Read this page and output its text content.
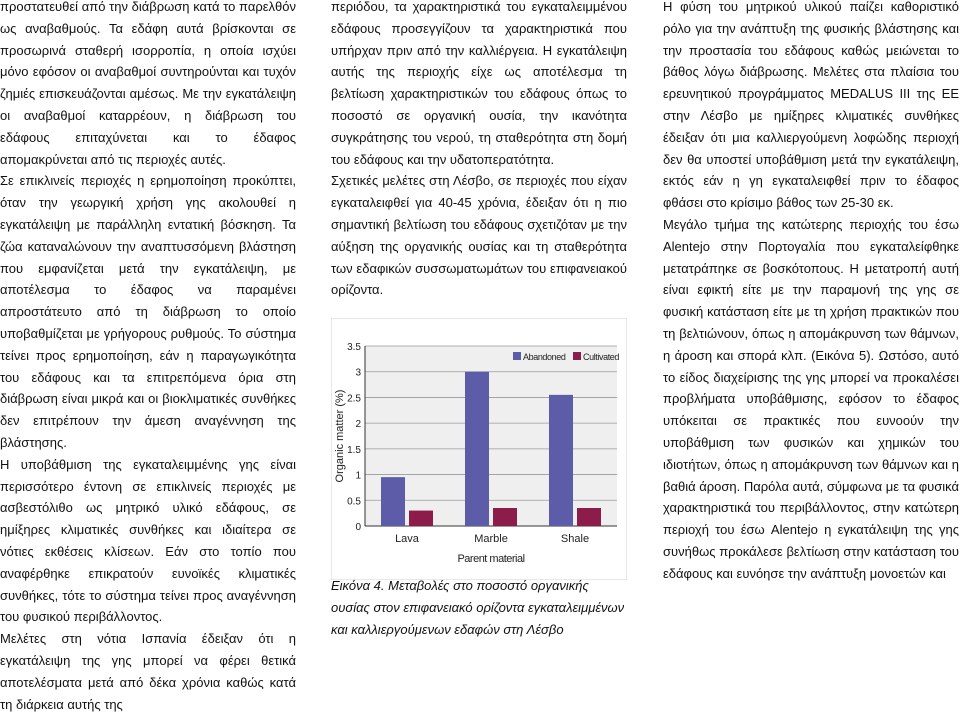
προστατευθεί από την διάβρωση κατά το παρελθόν ως αναβαθμούς. Τα εδάφη αυτά βρίσκονται σε προσωρινά σταθερή ισορροπία, η οποία ισχύει μόνο εφόσον οι αναβαθμοί συντηρούνται και τυχόν ζημιές επισκευάζονται αμέσως. Με την εγκατάλειψη οι αναβαθμοί καταρρέουν, η διάβρωση του εδάφους επιταχύνεται και το έδαφος απομακρύνεται από τις περιοχές αυτές.

Σε επικλινείς περιοχές η ερημοποίηση προκύπτει, όταν την γεωργική χρήση γης ακολουθεί η εγκατάλειψη με παράλληλη εντατική βόσκηση. Τα ζώα καταναλώνουν την αναπτυσσόμενη βλάστηση που εμφανίζεται μετά την εγκατάλειψη, με αποτέλεσμα το έδαφος να παραμένει απροστάτευτο από τη διάβρωση το οποίο υποβαθμίζεται με γρήγορους ρυθμούς. Το σύστημα τείνει προς ερημοποίηση, εάν η παραγωγικότητα του εδάφους και τα επιτρεπόμενα όρια στη διάβρωση είναι μικρά και οι βιοκλιματικές συνθήκες δεν επιτρέπουν την άμεση αναγέννηση της βλάστησης.

Η υποβάθμιση της εγκαταλειμμένης γης είναι περισσότερο έντονη σε επικλινείς περιοχές με ασβεστόλιθο ως μητρικό υλικό εδάφους, σε ημίξηρες κλιματικές συνθήκες και ιδιαίτερα σε νότιες εκθέσεις κλίσεων. Εάν στο τοπίο που αναφέρθηκε επικρατούν ευνοϊκές κλιματικές συνθήκες, τότε το σύστημα τείνει προς αναγέννηση του φυσικού περιβάλλοντος.

Μελέτες στη νότια Ισπανία έδειξαν ότι η εγκατάλειψη της γης μπορεί να φέρει θετικά αποτελέσματα μετά από δέκα χρόνια καθώς κατά τη διάρκεια αυτής της

περιόδου, τα χαρακτηριστικά του εγκαταλειμμένου εδάφους προσεγγίζουν τα χαρακτηριστικά που υπήρχαν πριν από την καλλιέργεια. Η εγκατάλειψη αυτής της περιοχής είχε ως αποτέλεσμα τη βελτίωση χαρακτηριστικών του εδάφους όπως το ποσοστό σε οργανική ουσία, την ικανότητα συγκράτησης του νερού, τη σταθερότητα στη δομή του εδάφους και την υδατοπερατότητα.

Σχετικές μελέτες στη Λέσβο, σε περιοχές που είχαν εγκαταλειφθεί για 40-45 χρόνια, έδειξαν ότι η πιο σημαντική βελτίωση του εδάφους σχετιζόταν με την αύξηση της οργανικής ουσίας και τη σταθερότητα των εδαφικών συσσωματωμάτων του επιφανειακού ορίζοντα.

0
0.5
1
1.5
2
2.5
3
3.5
Lava	Marble	Shale
Parent material
Organic matter (%)
Abandoned Cultivated
Εικόνα 4. Μεταβολές στο ποσοστό οργανικής ουσίας στον επιφανειακό ορίζοντα εγκαταλειμμένων και καλλιεργούμενων εδαφών στη Λέσβο

Η φύση του μητρικού υλικού παίζει καθοριστικό ρόλο για την ανάπτυξη της φυσικής βλάστησης και την προστασία του εδάφους καθώς μειώνεται το βάθος λόγω διάβρωσης. Μελέτες στα πλαίσια του ερευνητικού προγράμματος MEDALUS III της ΕΕ στην Λέσβο με ημίξηρες κλιματικές συνθήκες έδειξαν ότι μια καλλιεργούμενη λοφώδης περιοχή δεν θα υποστεί υποβάθμιση μετά την εγκατάλειψη, εκτός εάν η γη εγκαταλειφθεί πριν το έδαφος φθάσει στο κρίσιμο βάθος των 25-30 εκ.

Μεγάλο τμήμα της κατώτερης περιοχής του έσω Alentejo στην Πορτογαλία που εγκαταλείφθηκε μετατράπηκε σε βοσκότοπους. Η μετατροπή αυτή είναι εφικτή είτε με την παραμονή της γης σε φυσική κατάσταση είτε με τη χρήση πρακτικών που τη βελτιώνουν, όπως η απομάκρυνση των θάμνων, η άροση και σπορά κλπ. (Εικόνα 5). Ωστόσο, αυτό το είδος διαχείρισης της γης μπορεί να προκαλέσει προβλήματα υποβάθμισης, εφόσον το έδαφος υπόκειται σε πρακτικές που ευνοούν την υποβάθμιση των φυσικών και χημικών του ιδιοτήτων, όπως η απομάκρυνση των θάμνων και η βαθιά άροση. Παρόλα αυτά, σύμφωνα με τα φυσικά χαρακτηριστικά του περιβάλλοντος, στην κατώτερη περιοχή του έσω Alentejo η εγκατάλειψη της γης συνήθως προκάλεσε βελτίωση στην κατάσταση του εδάφους και ευνόησε την ανάπτυξη μονοετών και
